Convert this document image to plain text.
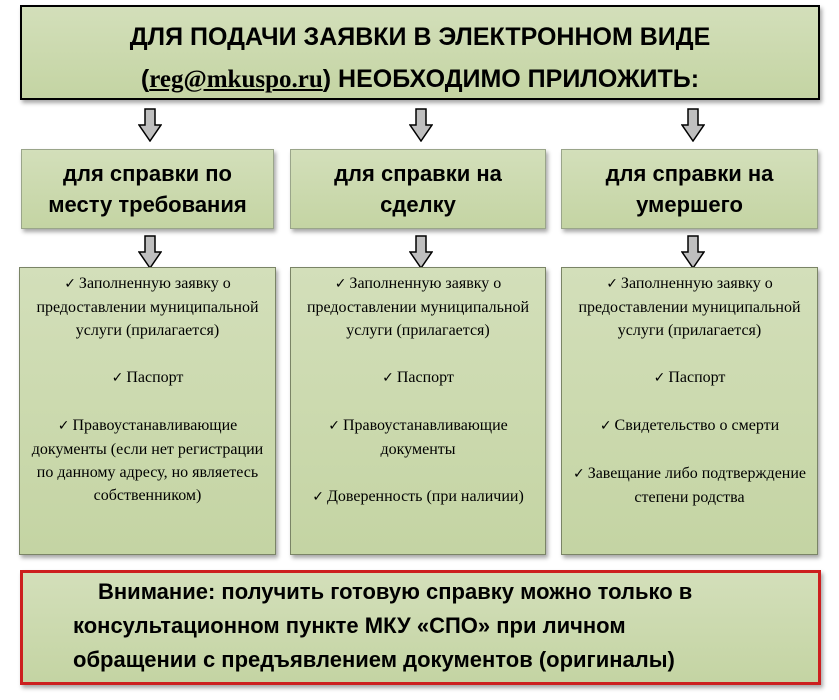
ДЛЯ ПОДАЧИ ЗАЯВКИ В ЭЛЕКТРОННОМ ВИДЕ
(reg@mkuspo.ru) НЕОБХОДИМО ПРИЛОЖИТЬ:
для справки по месту требования
для справки на сделку
для справки на умершего
✓ Заполненную заявку о предоставлении муниципальной услуги (прилагается)
✓ Паспорт
✓ Правоустанавливающие документы (если нет регистрации по данному адресу, но являетесь собственником)
✓ Заполненную заявку о предоставлении муниципальной услуги (прилагается)
✓ Паспорт
✓ Правоустанавливающие документы
✓ Доверенность (при наличии)
✓ Заполненную заявку о предоставлении муниципальной услуги (прилагается)
✓ Паспорт
✓ Свидетельство о смерти
✓ Завещание либо подтверждение степени родства
Внимание: получить готовую справку можно только в
консультационном пункте МКУ «СПО» при личном
обращении с предъявлением документов (оригиналы)
